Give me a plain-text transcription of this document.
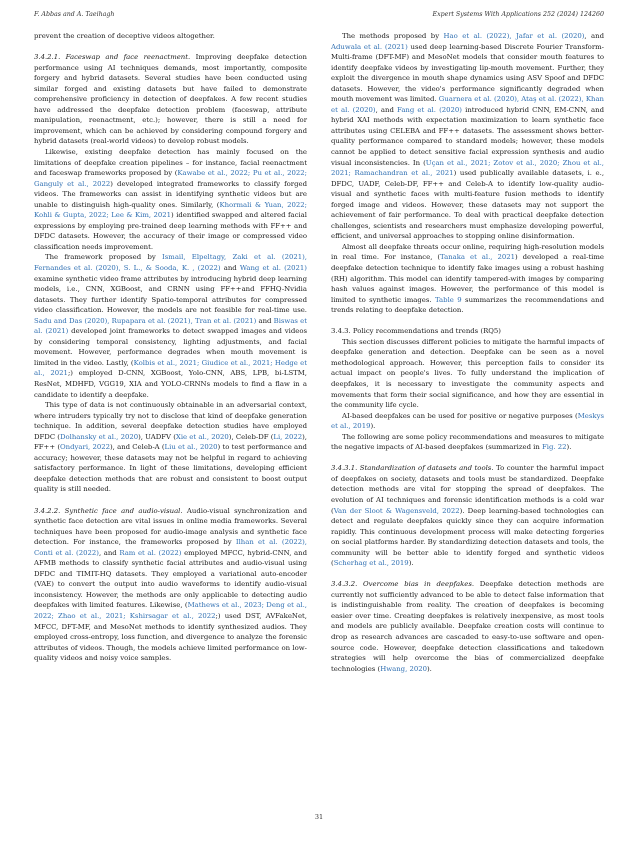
F. Abbas and A. Taeihagh	Expert Systems With Applications 252 (2024) 124260

prevent the creation of deceptive videos altogether.

3.4.2.1. Faceswap and face reenactment. Improving deepfake detection performance using AI techniques demands, most importantly, composite forgery and hybrid datasets. Several studies have been conducted using similar forged and existing datasets but have failed to demonstrate comprehensive proficiency in detection of deepfakes. A few recent studies have addressed the deepfake detection problem (faceswap, attribute manipulation, reenactment, etc.); however, there is still a need for improvement, which can be achieved by considering compound forgery and hybrid datasets (real-world videos) to develop robust models.

Likewise, existing deepfake detection has mainly focused on the limitations of deepfake creation pipelines – for instance, facial reenactment and faceswap frameworks proposed by (Kawabe et al., 2022; Pu et al., 2022; Ganguly et al., 2022) developed integrated frameworks to classify forged videos. The frameworks can assist in identifying synthetic videos but are unable to distinguish high-quality ones. Similarly, (Khormali & Yuan, 2022; Kohli & Gupta, 2022; Lee & Kim, 2021) identified swapped and altered facial expressions by employing pre-trained deep learning methods with FF++ and DFDC datasets. However, the accuracy of their image or compressed video classification needs improvement.

The framework proposed by Ismail, Elpeltagy, Zaki et al. (2021), Fernandes et al. (2020), S. L., & Sooda, K. , (2022) and Wang et al. (2021) examine synthetic video frame attributes by introducing hybrid deep learning models, i.e., CNN, XGBoost, and CRNN using FF++and FFHQ-Nvidia datasets. They further identify Spatio-temporal attributes for compressed video classification. However, the models are not feasible for real-time use. Sadu and Das (2020), Rupapara et al. (2021), Tran et al. (2021) and Biswas et al. (2021) developed joint frameworks to detect swapped images and videos by considering temporal consistency, lighting adjustments, and facial movement. However, performance degrades when mouth movement is limited in the video. Lastly, (Kolbis et al., 2021; Giudice et al., 2021; Hedge et al., 2021;) employed D-CNN, XGBoost, Yolo-CNN, ABS, LPB, bi-LSTM, ResNet, MDHFD, VGG19, XIA and YOLO-CRNNs models to find a flaw in a candidate to identify a deepfake.

This type of data is not continuously obtainable in an adversarial context, where intruders typically try not to disclose that kind of deepfake generation technique. In addition, several deepfake detection studies have employed DFDC (Dolhansky et al., 2020), UADFV (Xie et al., 2020), Celeb-DF (Li, 2022), FF++ (Ondyari, 2022), and Celeb-A (Liu et al., 2020) to test performance and accuracy; however, these datasets may not be helpful in regard to achieving satisfactory performance. In light of these limitations, developing efficient deepfake detection methods that are robust and consistent to boost output quality is still needed.

3.4.2.2. Synthetic face and audio-visual. Audio-visual synchronization and synthetic face detection are vital issues in online media frameworks. Several techniques have been proposed for audio-image analysis and synthetic face detection. For instance, the frameworks proposed by Ilhan et al. (2022), Conti et al. (2022), and Ram et al. (2022) employed MFCC, hybrid-CNN, and AFMB methods to classify synthetic facial attributes and audio-visual using DFDC and TIMIT-HQ datasets. They employed a variational auto-encoder (VAE) to convert the output into audio waveforms to identify audio-visual inconsistency. However, the methods are only applicable to detecting audio deepfakes with limited features. Likewise, (Mathews et al., 2023; Deng et al., 2022; Zhao et al., 2021; Kshirsagar et al., 2022;) used DST, AVFakeNet, MFCC, DFT-MF, and MesoNet methods to identify synthesized audios. They employed cross-entropy, loss function, and divergence to analyze the forensic attributes of videos. Though, the models achieve limited performance on low-quality videos and noisy voice samples.

The methods proposed by Hao et al. (2022), Jafar et al. (2020), and Aduwala et al. (2021) used deep learning-based Discrete Fourier Transform-Multi-frame (DFT-MF) and MesoNet models that consider mouth features to identify deepfake videos by investigating lip-mouth movement. Further, they exploit the divergence in mouth shape dynamics using ASV Spoof and DFDC datasets. However, the video's performance significantly degraded when mouth movement was limited. Guarnera et al. (2020), Ataş et al. (2022), Khan et al. (2020), and Fang et al. (2020) introduced hybrid CNN, EM-CNN, and hybrid XAI methods with expectation maximization to learn synthetic face attributes using CELEBA and FF++ datasets. The assessment shows better-quality performance compared to standard models; however, these models cannot be applied to detect sensitive facial expression synthesis and audio visual inconsistencies. In (Uçan et al., 2021; Zotov et al., 2020; Zhou et al., 2021; Ramachandran et al., 2021) used publically available datasets, i. e., DFDC, UADF, Celeb-DF, FF++ and Celeb-A to identify low-quality audio-visual and synthetic faces with multi-feature fusion methods to identify forged image and videos. However, these datasets may not support the achievement of fair performance. To deal with practical deepfake detection challenges, scientists and researchers must emphasize developing powerful, efficient, and universal approaches to stopping online disinformation.

Almost all deepfake threats occur online, requiring high-resolution models in real time. For instance, (Tanaka et al., 2021) developed a real-time deepfake detection technique to identify fake images using a robust hashing (RH) algorithm. This model can identify tampered-with images by comparing hash values against images. However, the performance of this model is limited to synthetic images. Table 9 summarizes the recommendations and trends relating to deepfake detection.

3.4.3. Policy recommendations and trends (RQ5)

This section discusses different policies to mitigate the harmful impacts of deepfake generation and detection. Deepfake can be seen as a novel methodological approach. However, this perception fails to consider its actual impact on people's lives. To fully understand the implication of deepfakes, it is necessary to investigate the community aspects and movements that form their social significance, and how they are essential in the community life cycle.

AI-based deepfakes can be used for positive or negative purposes (Meskys et al., 2019).

The following are some policy recommendations and measures to mitigate the negative impacts of AI-based deepfakes (summarized in Fig. 22).

3.4.3.1. Standardization of datasets and tools. To counter the harmful impact of deepfakes on society, datasets and tools must be standardized. Deepfake detection methods are vital for stopping the spread of deepfakes. The evolution of AI techniques and forensic identification methods is a cold war (Van der Sloot & Wagensveld, 2022). Deep learning-based technologies can detect and regulate deepfakes quickly since they can acquire information rapidly. This continuous development process will make detecting forgeries on social platforms harder. By standardizing detection datasets and tools, the community will be better able to identify forged and synthetic videos (Scherhag et al., 2019).

3.4.3.2. Overcome bias in deepfakes. Deepfake detection methods are currently not sufficiently advanced to be able to detect false information that is indistinguishable from reality. The creation of deepfakes is becoming easier over time. Creating deepfakes is relatively inexpensive, as most tools and models are publicly available. Deepfake creation costs will continue to drop as research advances are cascaded to easy-to-use software and open-source code. However, deepfake detection classifications and takedown strategies will help overcome the bias of commercialized deepfake technologies (Hwang, 2020).

31
